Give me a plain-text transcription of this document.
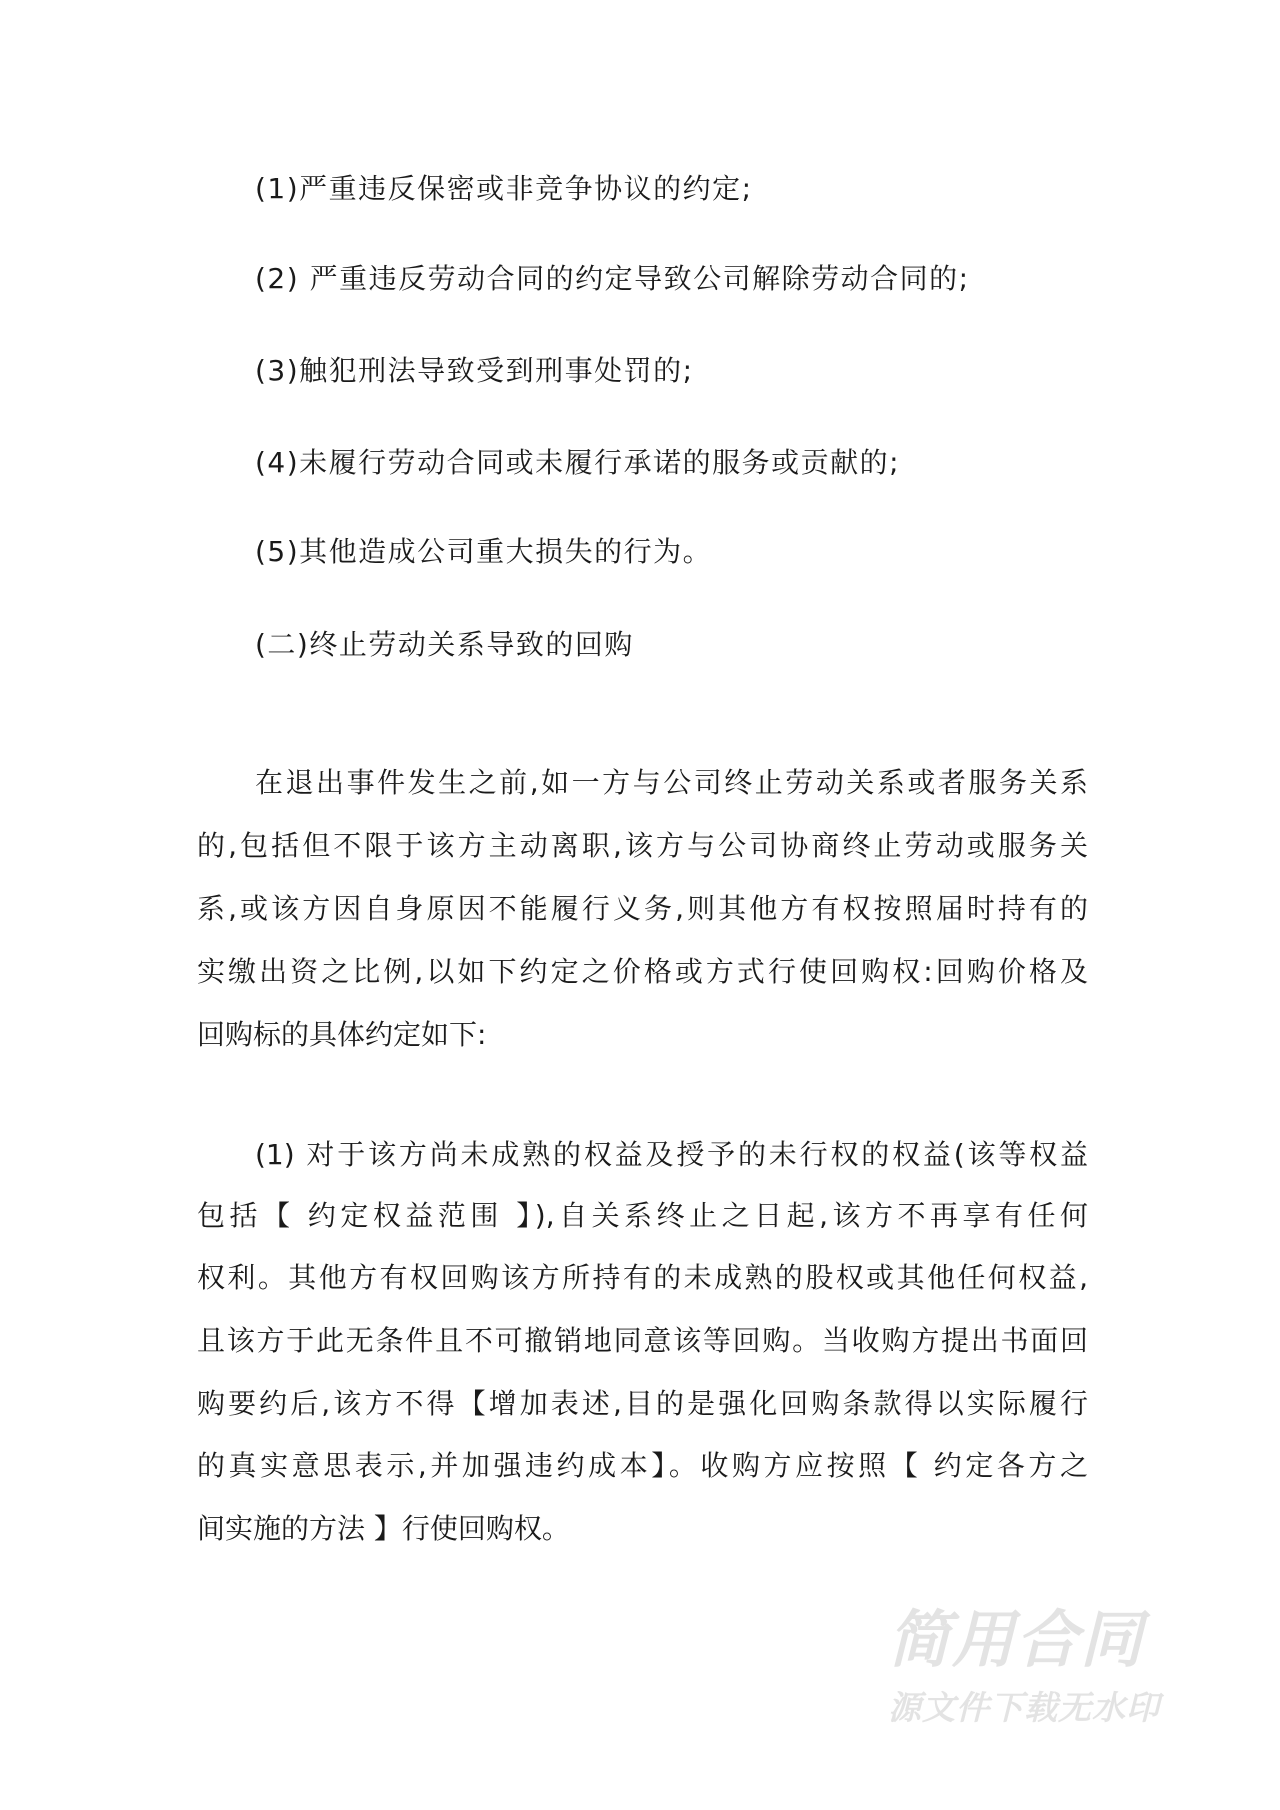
(1)严重违反保密或非竞争协议的约定;
(2) 严重违反劳动合同的约定导致公司解除劳动合同的;
(3)触犯刑法导致受到刑事处罚的;
(4)未履行劳动合同或未履行承诺的服务或贡献的;
(5)其他造成公司重大损失的行为。
(二)终止劳动关系导致的回购
在退出事件发生之前,如一方与公司终止劳动关系或者服务关系
的,包括但不限于该方主动离职,该方与公司协商终止劳动或服务关
系,或该方因自身原因不能履行义务,则其他方有权按照届时持有的
实缴出资之比例,以如下约定之价格或方式行使回购权:回购价格及
回购标的具体约定如下:
(1) 对于该方尚未成熟的权益及授予的未行权的权益(该等权益
包括【 约定权益范围 】),自关系终止之日起,该方不再享有任何
权利。其他方有权回购该方所持有的未成熟的股权或其他任何权益,
且该方于此无条件且不可撤销地同意该等回购。当收购方提出书面回
购要约后,该方不得【增加表述,目的是强化回购条款得以实际履行
的真实意思表示,并加强违约成本】。收购方应按照【 约定各方之
间实施的方法 】行使回购权。
简用合同
源文件下载无水印
